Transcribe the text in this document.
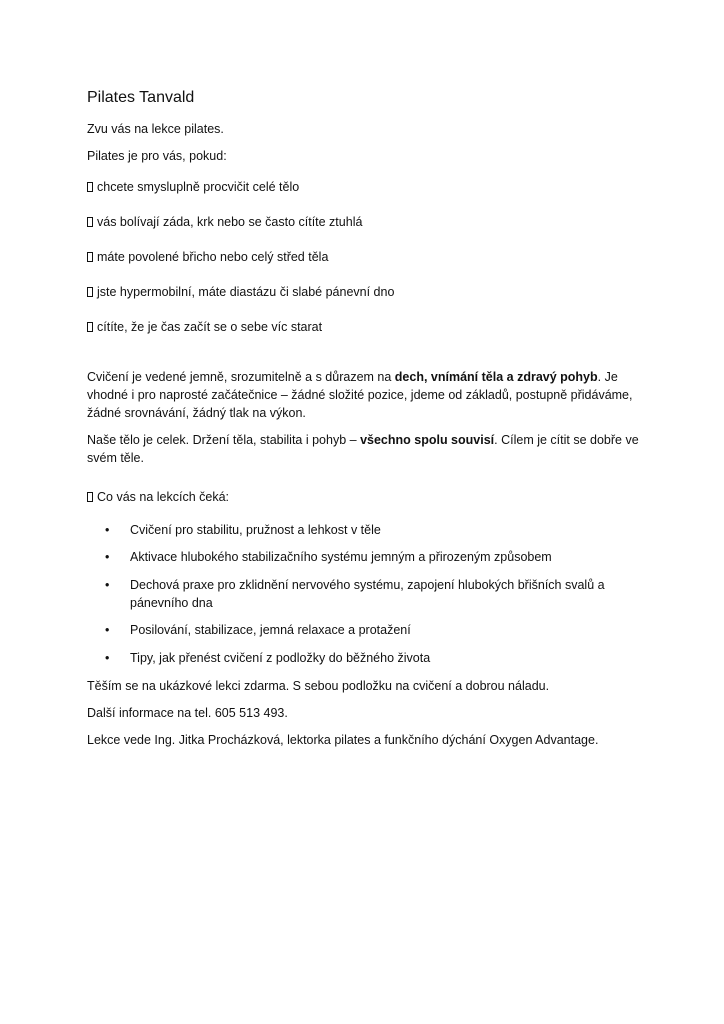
Pilates Tanvald
Zvu vás na lekce pilates.
Pilates je pro vás, pokud:
chcete smysluplně procvičit celé tělo
vás bolívají záda, krk nebo se často cítíte ztuhlá
máte povolené břicho nebo celý střed těla
jste hypermobilní, máte diastázu či slabé pánevní dno
cítíte, že je čas začít se o sebe víc starat
Cvičení je vedené jemně, srozumitelně a s důrazem na dech, vnímání těla a zdravý pohyb. Je vhodné i pro naprosté začátečnice – žádné složité pozice, jdeme od základů, postupně přidáváme, žádné srovnávání, žádný tlak na výkon.
Naše tělo je celek. Držení těla, stabilita i pohyb – všechno spolu souvisí. Cílem je cítit se dobře ve svém těle.
Co vás na lekcích čeká:
• Cvičení pro stabilitu, pružnost a lehkost v těle
• Aktivace hlubokého stabilizačního systému jemným a přirozeným způsobem
• Dechová praxe pro zklidnění nervového systému, zapojení hlubokých břišních svalů a pánevního dna
• Posilování, stabilizace, jemná relaxace a protažení
• Tipy, jak přenést cvičení z podložky do běžného života
Těším se na ukázkové lekci zdarma. S sebou podložku na cvičení a dobrou náladu.
Další informace na tel. 605 513 493.
Lekce vede Ing. Jitka Procházková, lektorka pilates a funkčního dýchání Oxygen Advantage.
